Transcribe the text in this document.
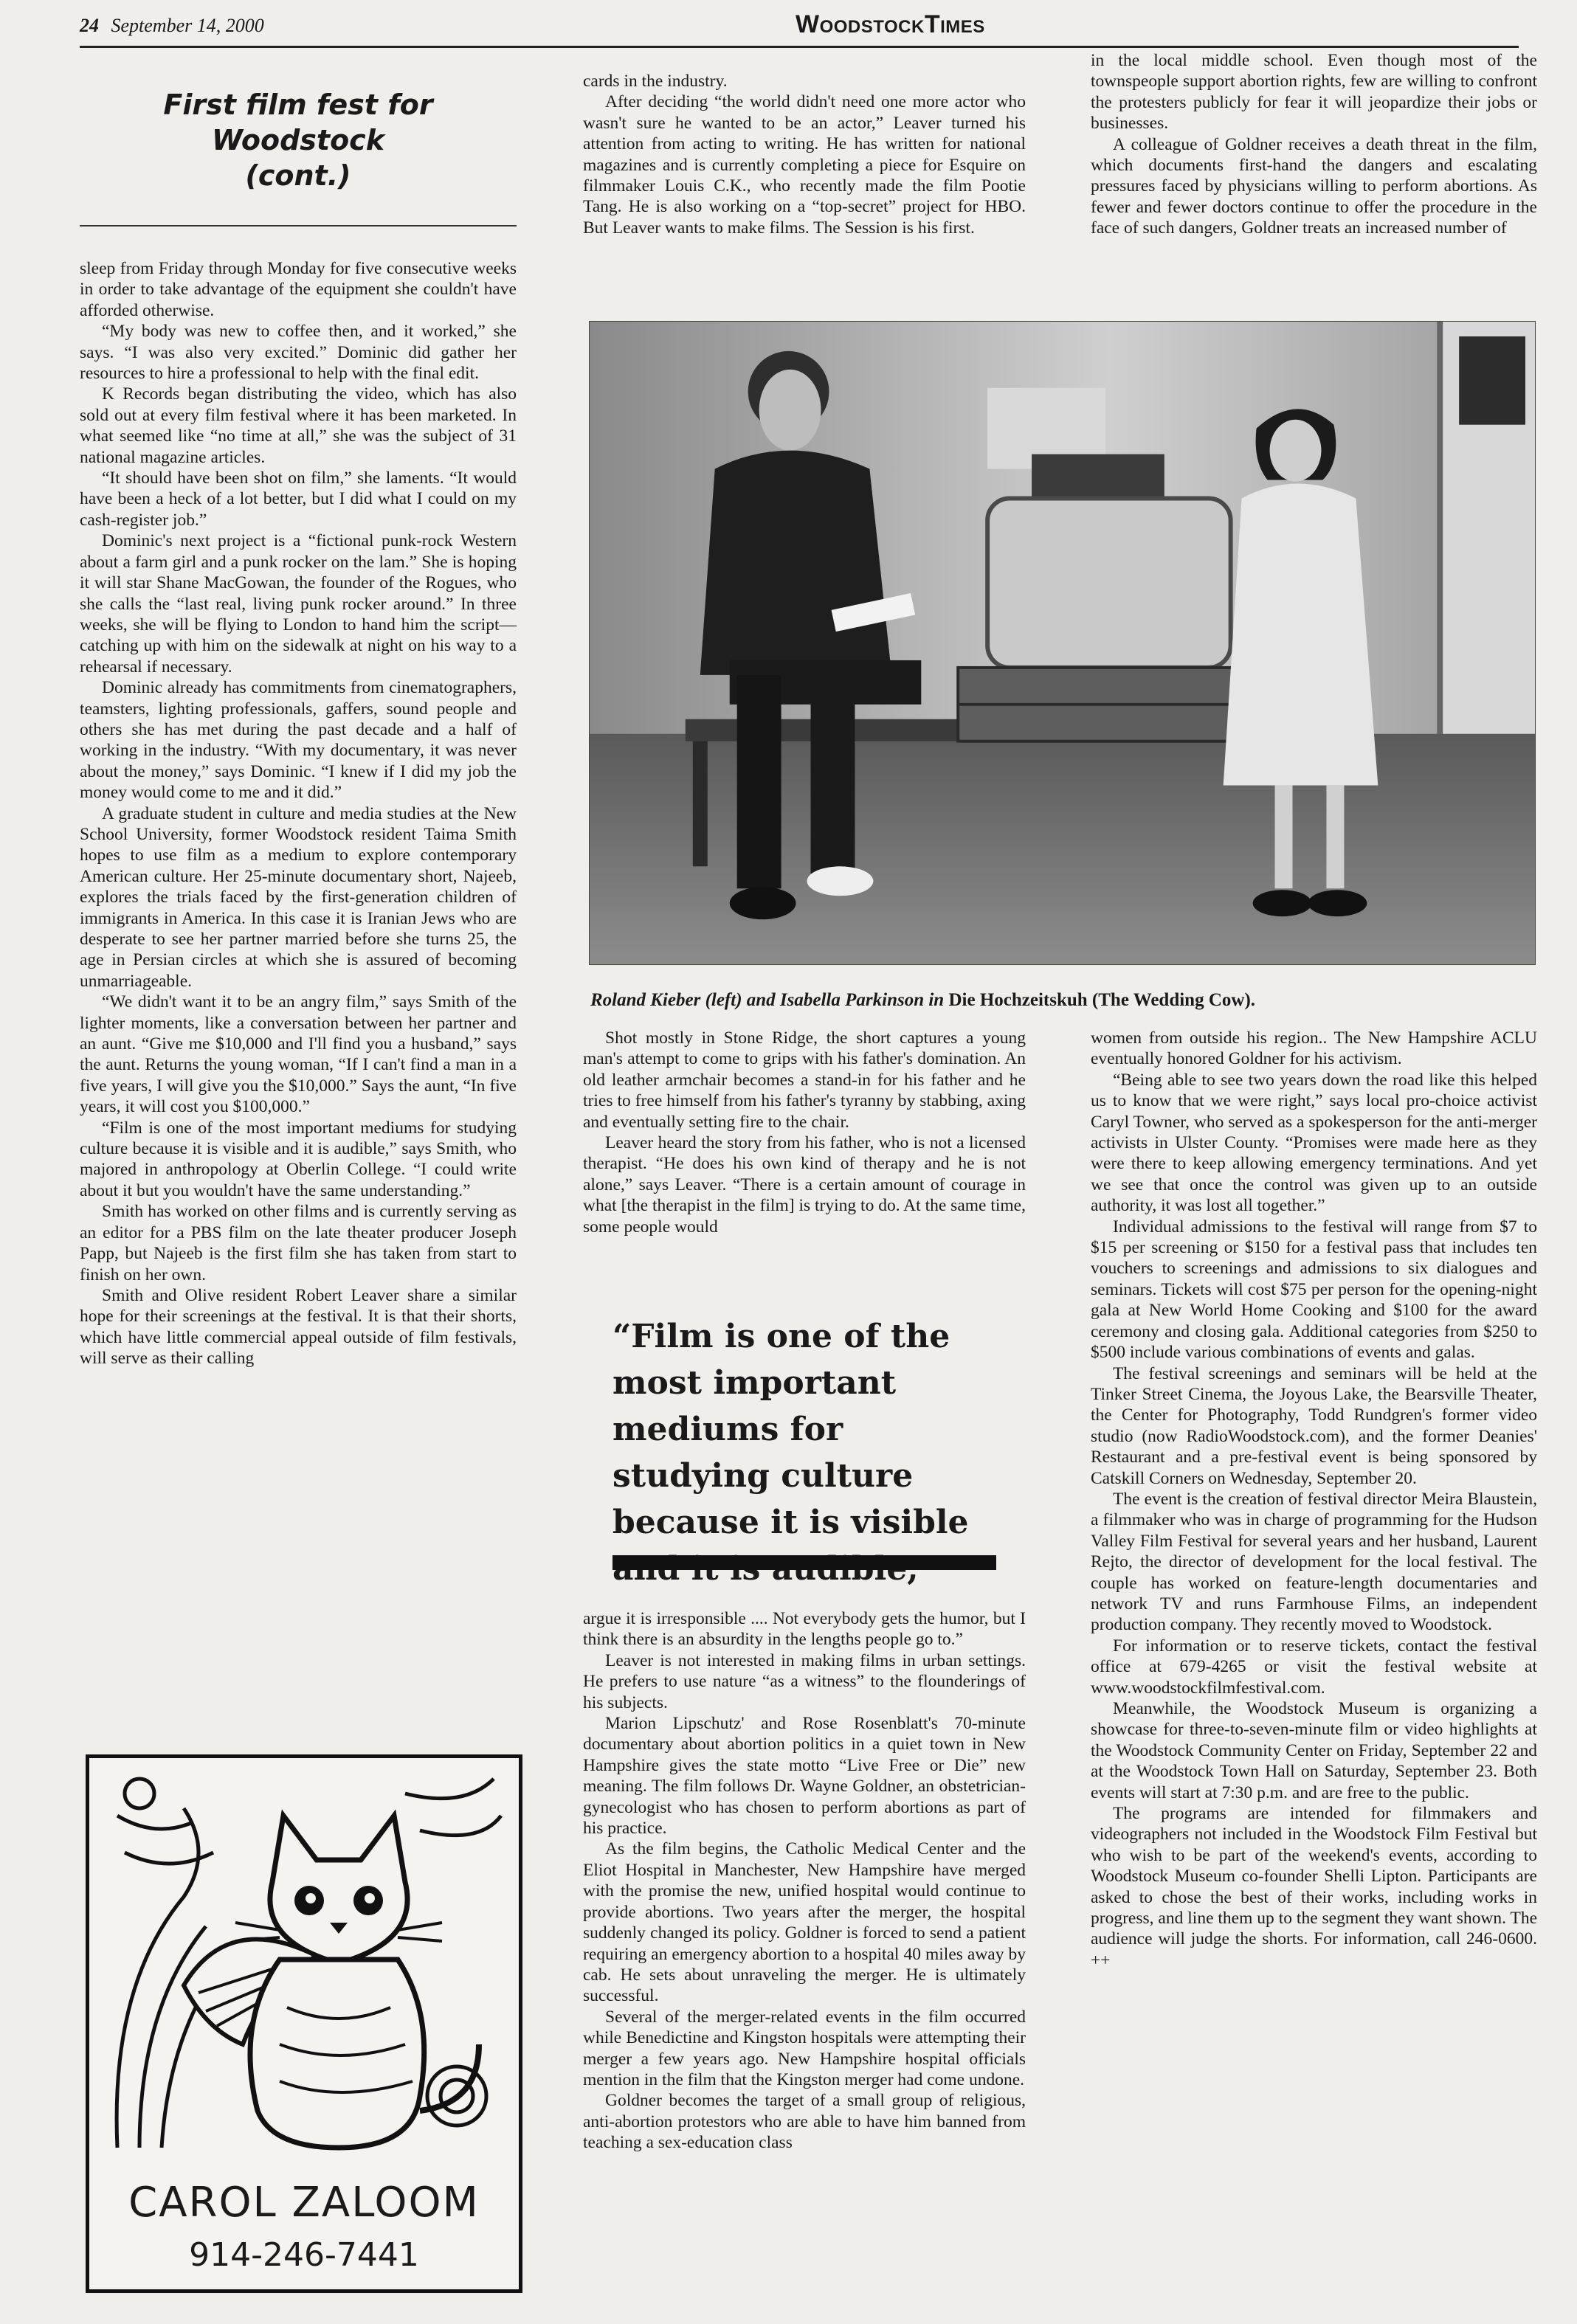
24 September 14, 2000	WoodstockTimes
First film fest for
Woodstock
(cont.)

sleep from Friday through Monday for five consecutive weeks in order to take advantage of the equipment she couldn't have afforded otherwise.

“My body was new to coffee then, and it worked,” she says. “I was also very excited.” Dominic did gather her resources to hire a professional to help with the final edit.

K Records began distributing the video, which has also sold out at every film festival where it has been marketed. In what seemed like “no time at all,” she was the subject of 31 national magazine articles.

“It should have been shot on film,” she laments. “It would have been a heck of a lot better, but I did what I could on my cash-register job.”

Dominic's next project is a “fictional punk-rock Western about a farm girl and a punk rocker on the lam.” She is hoping it will star Shane MacGowan, the founder of the Rogues, who she calls the “last real, living punk rocker around.” In three weeks, she will be flying to London to hand him the script—catching up with him on the sidewalk at night on his way to a rehearsal if necessary.

Dominic already has commitments from cinematographers, teamsters, lighting professionals, gaffers, sound people and others she has met during the past decade and a half of working in the industry. “With my documentary, it was never about the money,” says Dominic. “I knew if I did my job the money would come to me and it did.”

A graduate student in culture and media studies at the New School University, former Woodstock resident Taima Smith hopes to use film as a medium to explore contemporary American culture. Her 25-minute documentary short, Najeeb, explores the trials faced by the first-generation children of immigrants in America. In this case it is Iranian Jews who are desperate to see her partner married before she turns 25, the age in Persian circles at which she is assured of becoming unmarriageable.

“We didn't want it to be an angry film,” says Smith of the lighter moments, like a conversation between her partner and an aunt. “Give me $10,000 and I'll find you a husband,” says the aunt. Returns the young woman, “If I can't find a man in a five years, I will give you the $10,000.” Says the aunt, “In five years, it will cost you $100,000.”

“Film is one of the most important mediums for studying culture because it is visible and it is audible,” says Smith, who majored in anthropology at Oberlin College. “I could write about it but you wouldn't have the same understanding.”

Smith has worked on other films and is currently serving as an editor for a PBS film on the late theater producer Joseph Papp, but Najeeb is the first film she has taken from start to finish on her own.

Smith and Olive resident Robert Leaver share a similar hope for their screenings at the festival. It is that their shorts, which have little commercial appeal outside of film festivals, will serve as their calling

cards in the industry.

After deciding “the world didn't need one more actor who wasn't sure he wanted to be an actor,” Leaver turned his attention from acting to writing. He has written for national magazines and is currently completing a piece for Esquire on filmmaker Louis C.K., who recently made the film Pootie Tang. He is also working on a “top-secret” project for HBO. But Leaver wants to make films. The Session is his first.

in the local middle school. Even though most of the townspeople support abortion rights, few are willing to confront the protesters publicly for fear it will jeopardize their jobs or businesses.

A colleague of Goldner receives a death threat in the film, which documents first-hand the dangers and escalating pressures faced by physicians willing to perform abortions. As fewer and fewer doctors continue to offer the procedure in the face of such dangers, Goldner treats an increased number of

Roland Kieber (left) and Isabella Parkinson in Die Hochzeitskuh (The Wedding Cow).

Shot mostly in Stone Ridge, the short captures a young man's attempt to come to grips with his father's domination. An old leather armchair becomes a stand-in for his father and he tries to free himself from his father's tyranny by stabbing, axing and eventually setting fire to the chair.

Leaver heard the story from his father, who is not a licensed therapist. “He does his own kind of therapy and he is not alone,” says Leaver. “There is a certain amount of courage in what [the therapist in the film] is trying to do. At the same time, some people would

“Film is one of the most important mediums for studying culture because it is visible

argue it is irresponsible .... Not everybody gets the humor, but I think there is an absurdity in the lengths people go to.”

Leaver is not interested in making films in urban settings. He prefers to use nature “as a witness” to the flounderings of his subjects.

Marion Lipschutz' and Rose Rosenblatt's 70-minute documentary about abortion politics in a quiet town in New Hampshire gives the state motto “Live Free or Die” new meaning. The film follows Dr. Wayne Goldner, an obstetrician-gynecologist who has chosen to perform abortions as part of his practice.

As the film begins, the Catholic Medical Center and the Eliot Hospital in Manchester, New Hampshire have merged with the promise the new, unified hospital would continue to provide abortions. Two years after the merger, the hospital suddenly changed its policy. Goldner is forced to send a patient requiring an emergency abortion to a hospital 40 miles away by cab. He sets about unraveling the merger. He is ultimately successful.

Several of the merger-related events in the film occurred while Benedictine and Kingston hospitals were attempting their merger a few years ago. New Hampshire hospital officials mention in the film that the Kingston merger had come undone.

Goldner becomes the target of a small group of religious, anti-abortion protestors who are able to have him banned from teaching a sex-education class

women from outside his region.. The New Hampshire ACLU eventually honored Goldner for his activism.

“Being able to see two years down the road like this helped us to know that we were right,” says local pro-choice activist Caryl Towner, who served as a spokesperson for the anti-merger activists in Ulster County. “Promises were made here as they were there to keep allowing emergency terminations. And yet we see that once the control was given up to an outside authority, it was lost all together.”

Individual admissions to the festival will range from $7 to $15 per screening or $150 for a festival pass that includes ten vouchers to screenings and admissions to six dialogues and seminars. Tickets will cost $75 per person for the opening-night gala at New World Home Cooking and $100 for the award ceremony and closing gala. Additional categories from $250 to $500 include various combinations of events and galas.

The festival screenings and seminars will be held at the Tinker Street Cinema, the Joyous Lake, the Bearsville Theater, the Center for Photography, Todd Rundgren's former video studio (now RadioWoodstock.com), and the former Deanies' Restaurant and a pre-festival event is being sponsored by Catskill Corners on Wednesday, September 20.

The event is the creation of festival director Meira Blaustein, a filmmaker who was in charge of programming for the Hudson Valley Film Festival for several years and her husband, Laurent Rejto, the director of development for the local festival. The couple has worked on feature-length documentaries and network TV and runs Farmhouse Films, an independent production company. They recently moved to Woodstock.

For information or to reserve tickets, contact the festival office at 679-4265 or visit the festival website at www.woodstockfilmfestival.com.

Meanwhile, the Woodstock Museum is organizing a showcase for three-to-seven-minute film or video highlights at the Woodstock Community Center on Friday, September 22 and at the Woodstock Town Hall on Saturday, September 23. Both events will start at 7:30 p.m. and are free to the public.

The programs are intended for filmmakers and videographers not included in the Woodstock Film Festival but who wish to be part of the weekend's events, according to Woodstock Museum co-founder Shelli Lipton. Participants are asked to chose the best of their works, including works in progress, and line them up to the segment they want shown. The audience will judge the shorts. For information, call 246-0600. ++

CAROL ZALOOM
914-246-7441
